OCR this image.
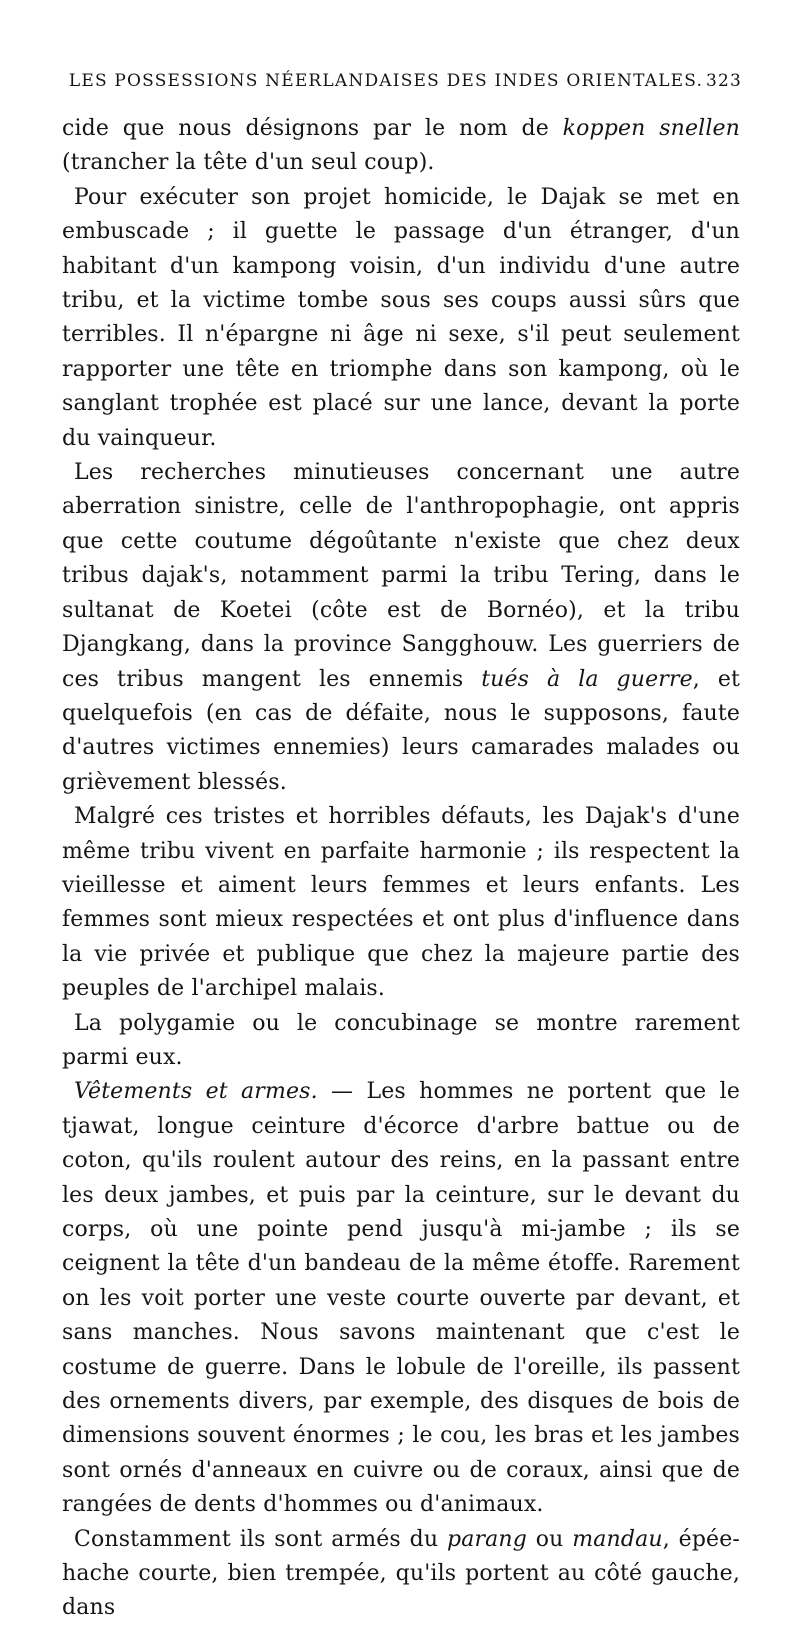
LES POSSESSIONS NÉERLANDAISES DES INDES ORIENTALES. 323

cide que nous désignons par le nom de koppen snellen (trancher la tête d'un seul coup).

Pour exécuter son projet homicide, le Dajak se met en embuscade ; il guette le passage d'un étranger, d'un habitant d'un kampong voisin, d'un individu d'une autre tribu, et la victime tombe sous ses coups aussi sûrs que terribles. Il n'épargne ni âge ni sexe, s'il peut seulement rapporter une tête en triomphe dans son kampong, où le sanglant trophée est placé sur une lance, devant la porte du vainqueur.

Les recherches minutieuses concernant une autre aberration sinistre, celle de l'anthropophagie, ont appris que cette coutume dégoûtante n'existe que chez deux tribus dajak's, notamment parmi la tribu Tering, dans le sultanat de Koetei (côte est de Bornéo), et la tribu Djangkang, dans la province Sangghouw. Les guerriers de ces tribus mangent les ennemis tués à la guerre, et quelquefois (en cas de défaite, nous le supposons, faute d'autres victimes ennemies) leurs camarades malades ou grièvement blessés.

Malgré ces tristes et horribles défauts, les Dajak's d'une même tribu vivent en parfaite harmonie ; ils respectent la vieillesse et aiment leurs femmes et leurs enfants. Les femmes sont mieux respectées et ont plus d'influence dans la vie privée et publique que chez la majeure partie des peuples de l'archipel malais.

La polygamie ou le concubinage se montre rarement parmi eux.

Vêtements et armes. — Les hommes ne portent que le tjawat, longue ceinture d'écorce d'arbre battue ou de coton, qu'ils roulent autour des reins, en la passant entre les deux jambes, et puis par la ceinture, sur le devant du corps, où une pointe pend jusqu'à mi-jambe ; ils se ceignent la tête d'un bandeau de la même étoffe. Rarement on les voit porter une veste courte ouverte par devant, et sans manches. Nous savons maintenant que c'est le costume de guerre. Dans le lobule de l'oreille, ils passent des ornements divers, par exemple, des disques de bois de dimensions souvent énormes ; le cou, les bras et les jambes sont ornés d'anneaux en cuivre ou de coraux, ainsi que de rangées de dents d'hommes ou d'animaux.

Constamment ils sont armés du parang ou mandau, épée-hache courte, bien trempée, qu'ils portent au côté gauche, dans
